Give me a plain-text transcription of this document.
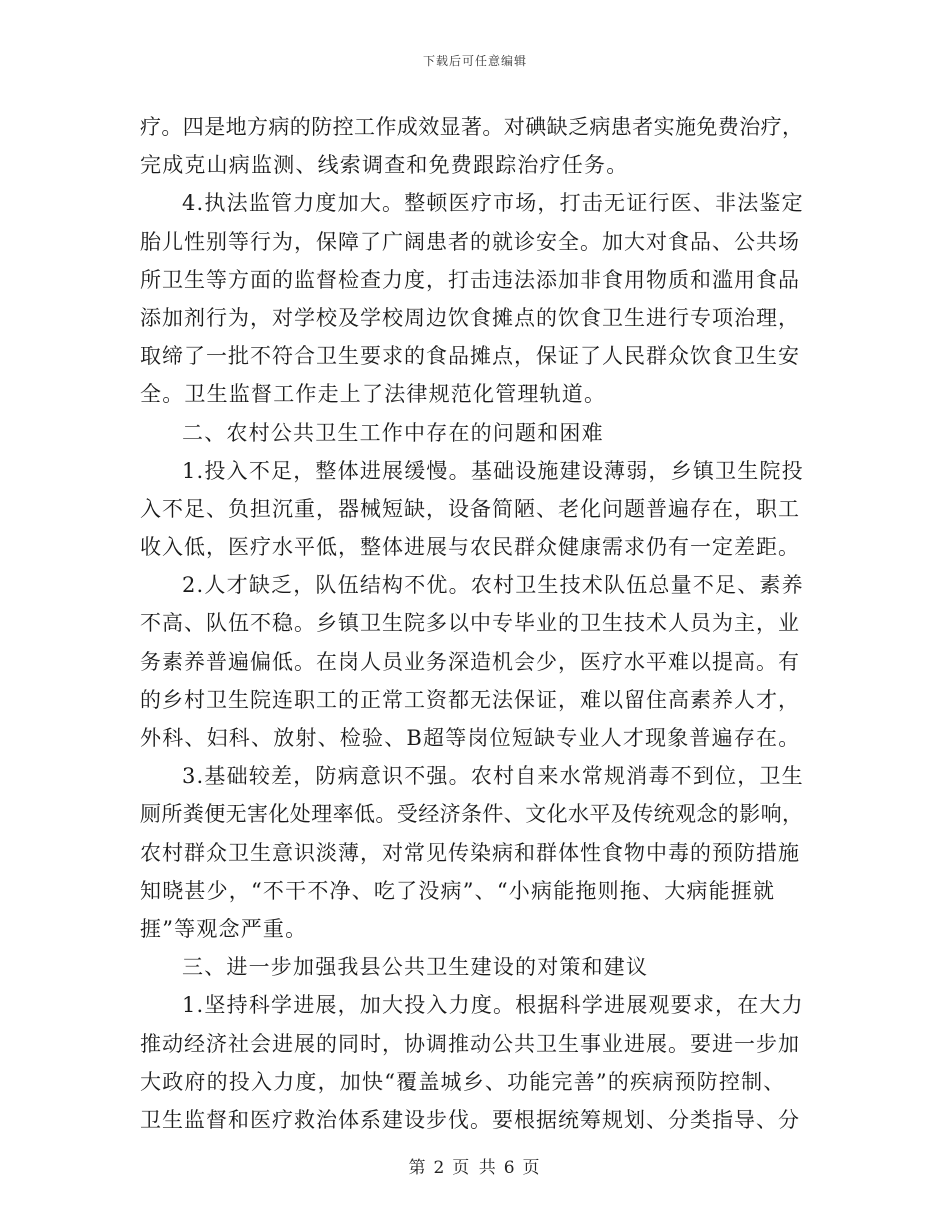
下载后可任意编辑
疗。四是地方病的防控工作成效显著。对碘缺乏病患者实施免费治疗，
完成克山病监测、线索调查和免费跟踪治疗任务。
4.执法监管力度加大。整顿医疗市场，打击无证行医、非法鉴定
胎儿性别等行为，保障了广阔患者的就诊安全。加大对食品、公共场
所卫生等方面的监督检查力度，打击违法添加非食用物质和滥用食品
添加剂行为，对学校及学校周边饮食摊点的饮食卫生进行专项治理，
取缔了一批不符合卫生要求的食品摊点，保证了人民群众饮食卫生安
全。卫生监督工作走上了法律规范化管理轨道。
二、农村公共卫生工作中存在的问题和困难
1.投入不足，整体进展缓慢。基础设施建设薄弱，乡镇卫生院投
入不足、负担沉重，器械短缺，设备简陋、老化问题普遍存在，职工
收入低，医疗水平低，整体进展与农民群众健康需求仍有一定差距。
2.人才缺乏，队伍结构不优。农村卫生技术队伍总量不足、素养
不高、队伍不稳。乡镇卫生院多以中专毕业的卫生技术人员为主，业
务素养普遍偏低。在岗人员业务深造机会少，医疗水平难以提高。有
的乡村卫生院连职工的正常工资都无法保证，难以留住高素养人才，
外科、妇科、放射、检验、B超等岗位短缺专业人才现象普遍存在。
3.基础较差，防病意识不强。农村自来水常规消毒不到位，卫生
厕所粪便无害化处理率低。受经济条件、文化水平及传统观念的影响，
农村群众卫生意识淡薄，对常见传染病和群体性食物中毒的预防措施
知晓甚少，“不干不净、吃了没病”、“小病能拖则拖、大病能捱就
捱”等观念严重。
三、进一步加强我县公共卫生建设的对策和建议
1.坚持科学进展，加大投入力度。根据科学进展观要求，在大力
推动经济社会进展的同时，协调推动公共卫生事业进展。要进一步加
大政府的投入力度，加快“覆盖城乡、功能完善”的疾病预防控制、
卫生监督和医疗救治体系建设步伐。要根据统筹规划、分类指导、分
第 2 页 共 6 页
